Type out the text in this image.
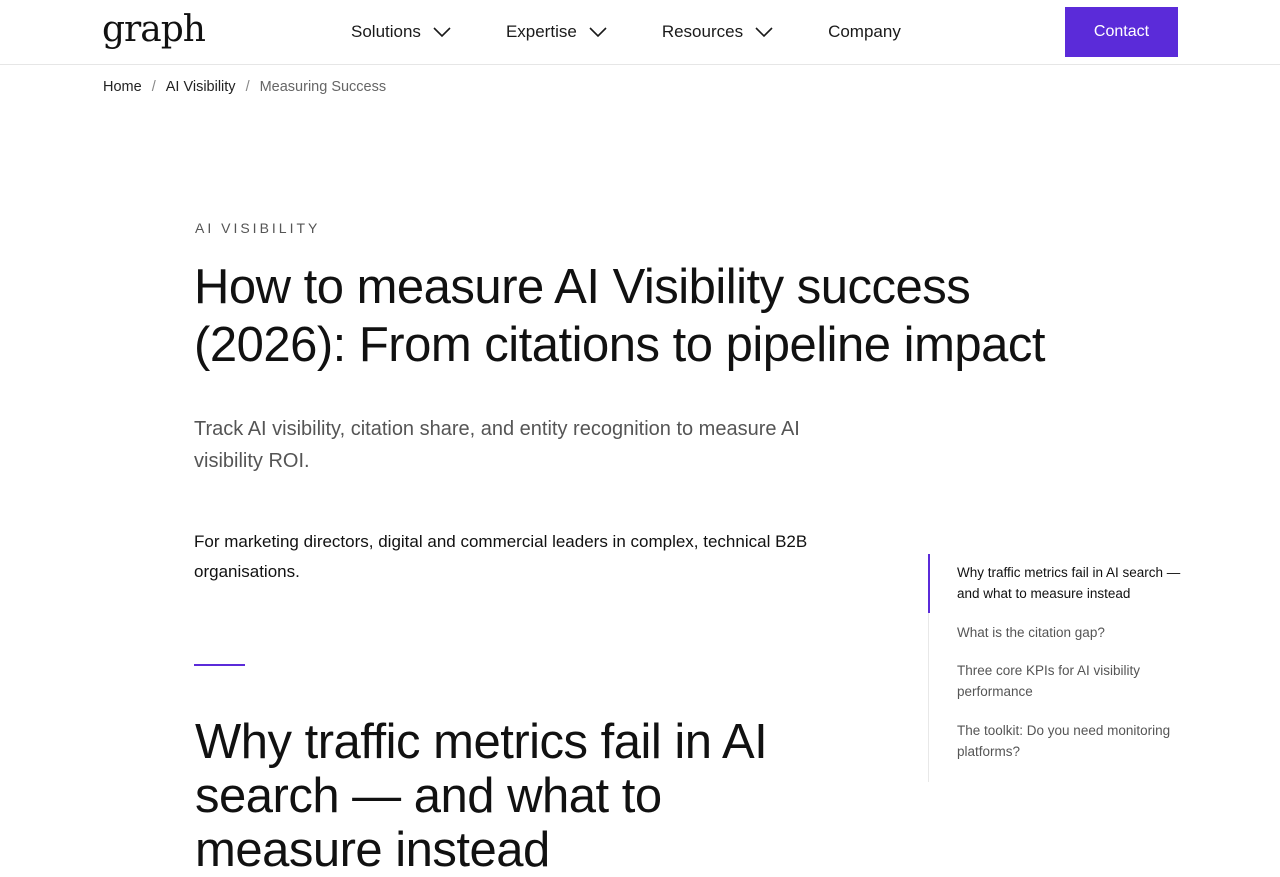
graph	Solutions	Expertise	Resources	Company	Contact
Home / AI Visibility / Measuring Success
AI VISIBILITY
How to measure AI Visibility success
(2026): From citations to pipeline impact

Track AI visibility, citation share, and entity recognition to measure AI visibility ROI.

For marketing directors, digital and commercial leaders in complex, technical B2B organisations.

Why traffic metrics fail in AI search — and what to measure instead
Why traffic metrics fail in AI search — and what to measure instead
What is the citation gap?
Three core KPIs for AI visibility performance
The toolkit: Do you need monitoring platforms?
